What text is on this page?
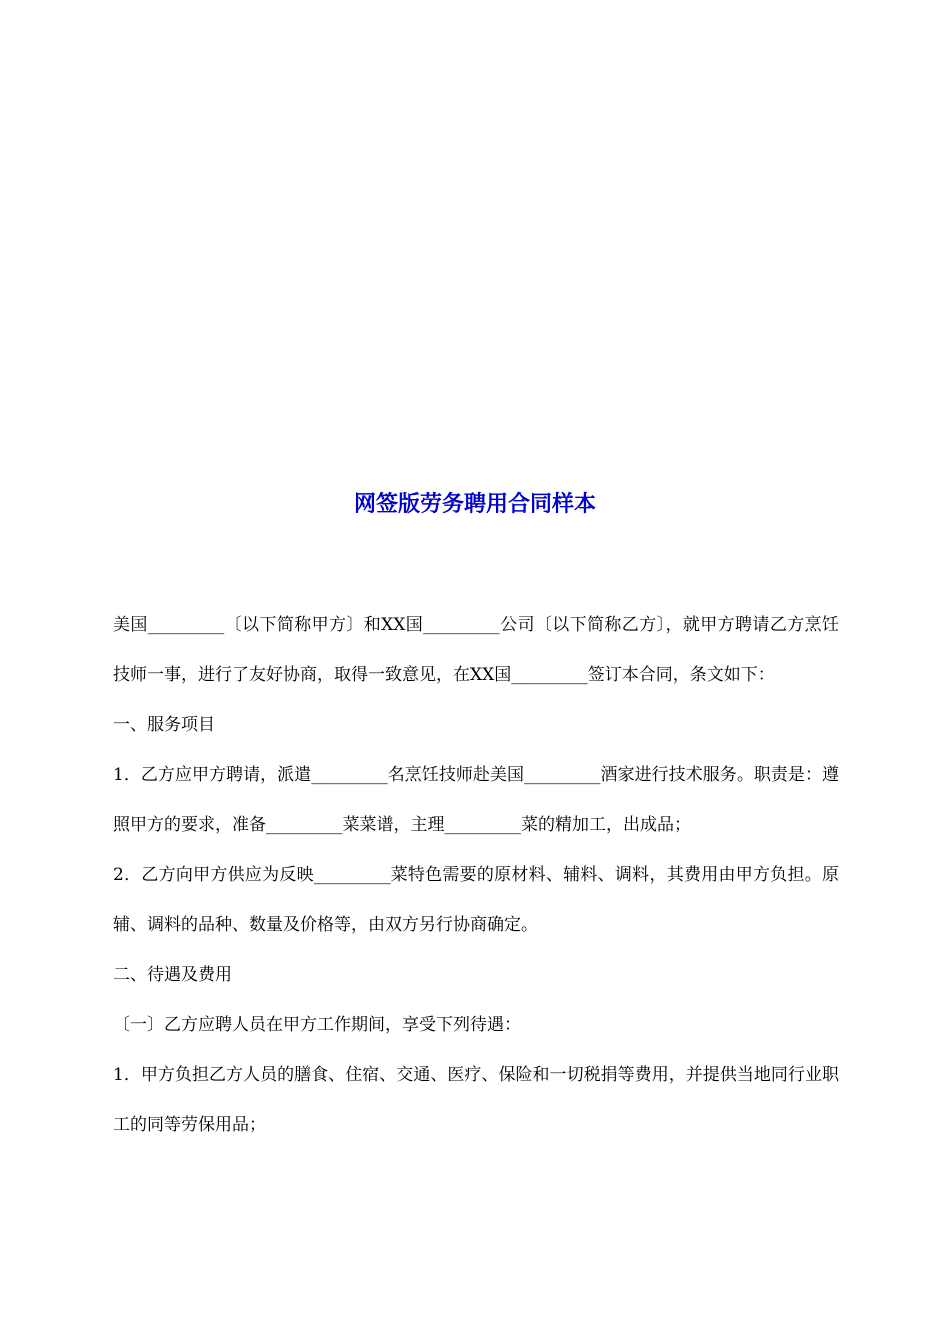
网签版劳务聘用合同样本

美国_________〔以下简称甲方〕和XX国_________公司〔以下简称乙方〕，就甲方聘请乙方烹饪技师一事，进行了友好协商，取得一致意见，在XX国_________签订本合同，条文如下：

一、服务项目

1．乙方应甲方聘请，派遣_________名烹饪技师赴美国_________酒家进行技术服务。职责是：遵照甲方的要求，准备_________菜菜谱，主理_________菜的精加工，出成品；

2．乙方向甲方供应为反映_________菜特色需要的原材料、辅料、调料，其费用由甲方负担。原辅、调料的品种、数量及价格等，由双方另行协商确定。

二、待遇及费用

〔一〕乙方应聘人员在甲方工作期间，享受下列待遇：

1．甲方负担乙方人员的膳食、住宿、交通、医疗、保险和一切税捐等费用，并提供当地同行业职工的同等劳保用品；
